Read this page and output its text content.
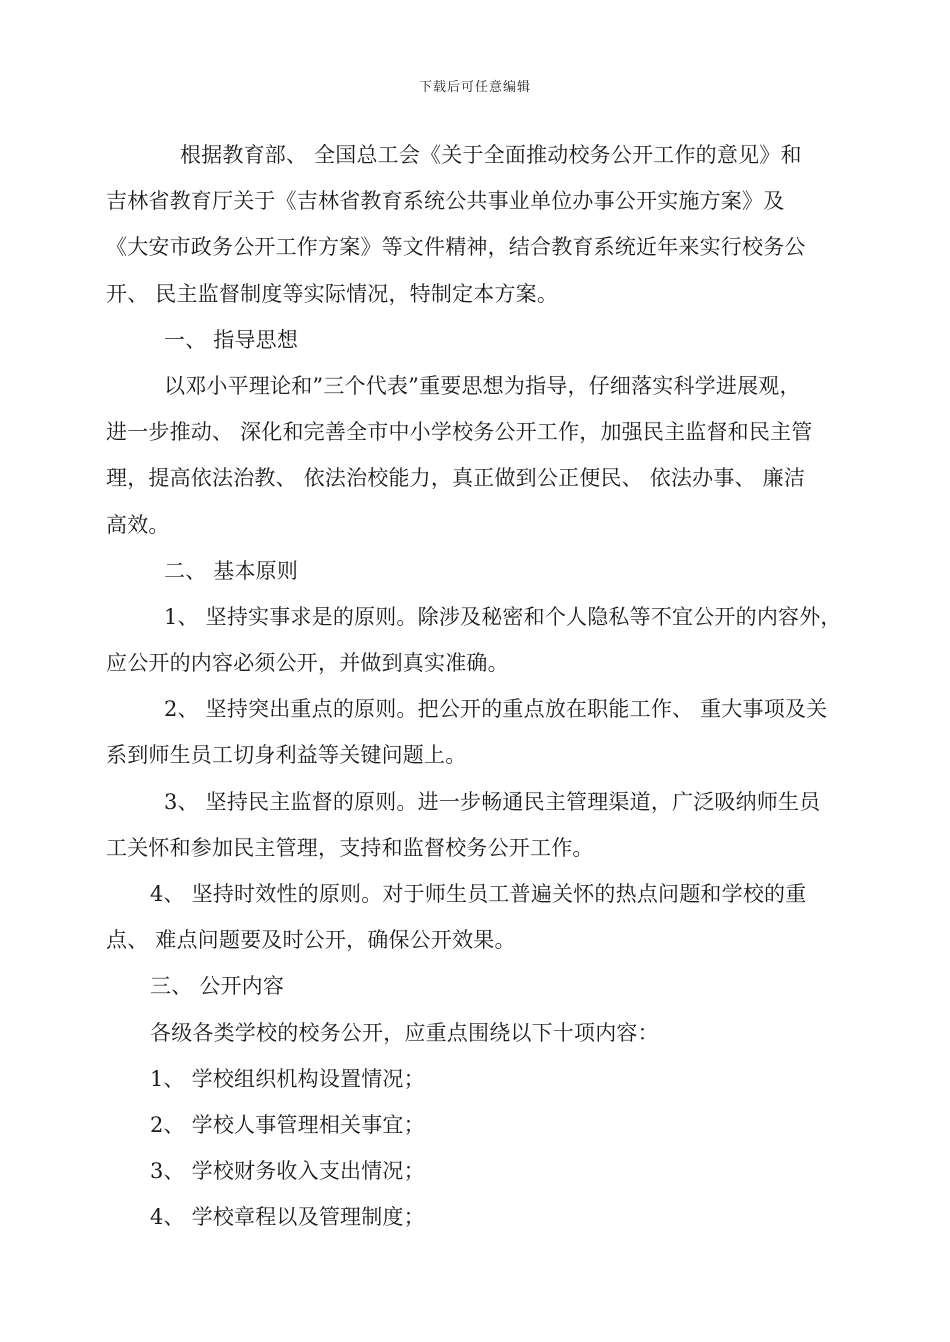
下载后可任意编辑
根据教育部、 全国总工会《关于全面推动校务公开工作的意见》和
吉林省教育厅关于《吉林省教育系统公共事业单位办事公开实施方案》及
《大安市政务公开工作方案》等文件精神，结合教育系统近年来实行校务公
开、 民主监督制度等实际情况，特制定本方案。
一、 指导思想
以邓小平理论和”三个代表”重要思想为指导，仔细落实科学进展观，
进一步推动、 深化和完善全市中小学校务公开工作，加强民主监督和民主管
理，提高依法治教、 依法治校能力，真正做到公正便民、 依法办事、 廉洁
高效。
二、 基本原则
1、 坚持实事求是的原则。除涉及秘密和个人隐私等不宜公开的内容外，
应公开的内容必须公开，并做到真实准确。
2、 坚持突出重点的原则。把公开的重点放在职能工作、 重大事项及关
系到师生员工切身利益等关键问题上。
3、 坚持民主监督的原则。进一步畅通民主管理渠道，广泛吸纳师生员
工关怀和参加民主管理，支持和监督校务公开工作。
4、 坚持时效性的原则。对于师生员工普遍关怀的热点问题和学校的重
点、 难点问题要及时公开，确保公开效果。
三、 公开内容
各级各类学校的校务公开，应重点围绕以下十项内容：
1、 学校组织机构设置情况；
2、 学校人事管理相关事宜；
3、 学校财务收入支出情况；
4、 学校章程以及管理制度；
